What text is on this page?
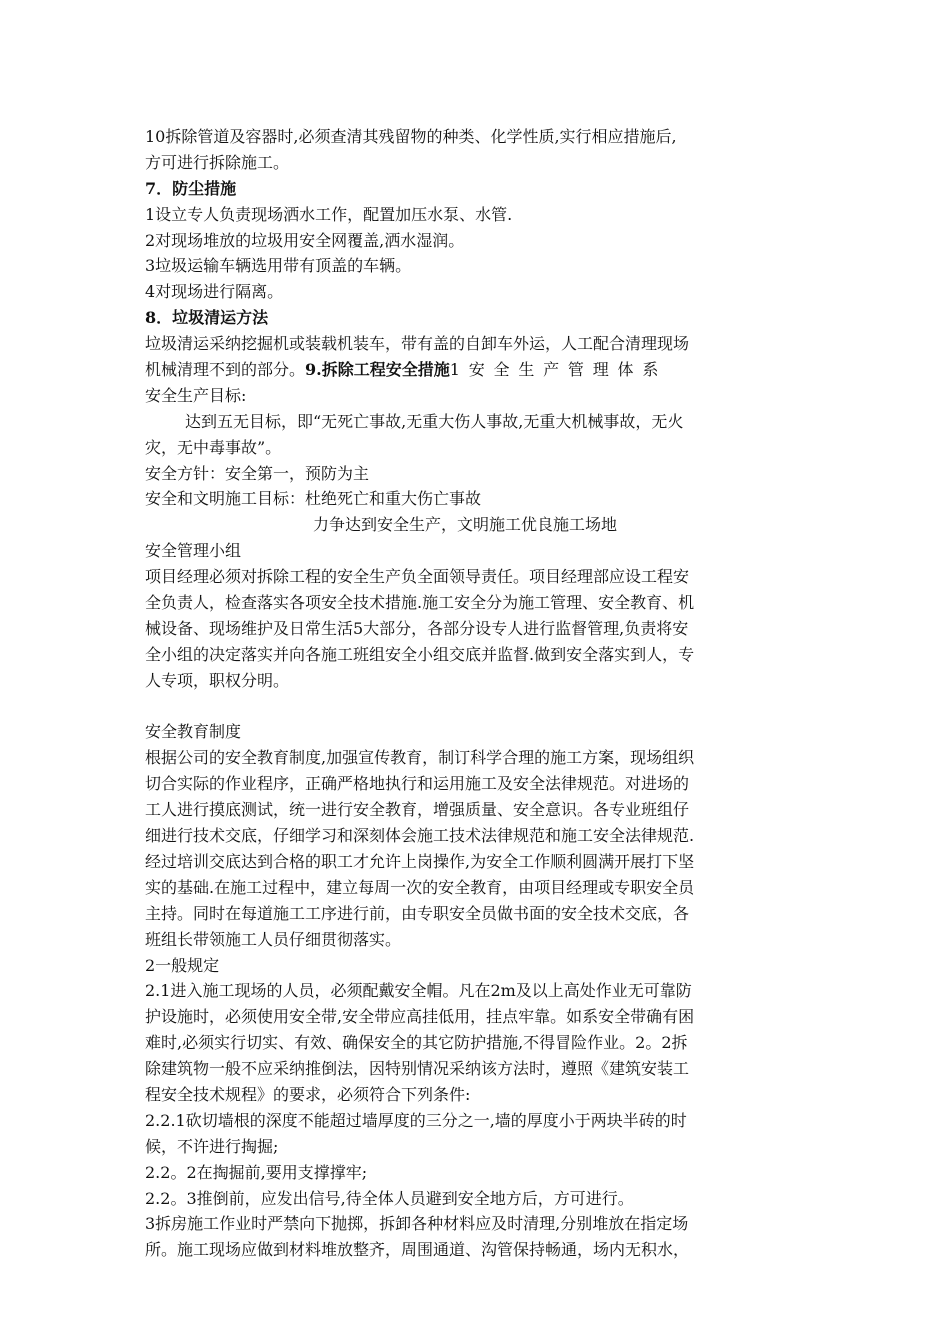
10拆除管道及容器时,必须查清其残留物的种类、化学性质,实行相应措施后,
方可进行拆除施工。
7．防尘措施
1设立专人负责现场洒水工作，配置加压水泵、水管.
2对现场堆放的垃圾用安全网覆盖,洒水湿润。
3垃圾运输车辆选用带有顶盖的车辆。
4对现场进行隔离。
8．垃圾清运方法
垃圾清运采纳挖掘机或装载机装车，带有盖的自卸车外运，人工配合清理现场
机械清理不到的部分。9.拆除工程安全措施1安全生产管理体系
安全生产目标:
达到五无目标，即“无死亡事故,无重大伤人事故,无重大机械事故，无火
灾，无中毒事故”。
安全方针：安全第一，预防为主
安全和文明施工目标：杜绝死亡和重大伤亡事故
力争达到安全生产，文明施工优良施工场地
安全管理小组
项目经理必须对拆除工程的安全生产负全面领导责任。项目经理部应设工程安
全负责人，检查落实各项安全技术措施.施工安全分为施工管理、安全教育、机
械设备、现场维护及日常生活5大部分，各部分设专人进行监督管理,负责将安
全小组的决定落实并向各施工班组安全小组交底并监督.做到安全落实到人，专
人专项，职权分明。
安全教育制度
根据公司的安全教育制度,加强宣传教育，制订科学合理的施工方案，现场组织
切合实际的作业程序，正确严格地执行和运用施工及安全法律规范。对进场的
工人进行摸底测试，统一进行安全教育，增强质量、安全意识。各专业班组仔
细进行技术交底，仔细学习和深刻体会施工技术法律规范和施工安全法律规范.
经过培训交底达到合格的职工才允许上岗操作,为安全工作顺利圆满开展打下坚
实的基础.在施工过程中，建立每周一次的安全教育，由项目经理或专职安全员
主持。同时在每道施工工序进行前，由专职安全员做书面的安全技术交底，各
班组长带领施工人员仔细贯彻落实。
2一般规定
2.1进入施工现场的人员，必须配戴安全帽。凡在2m及以上高处作业无可靠防
护设施时，必须使用安全带,安全带应高挂低用，挂点牢靠。如系安全带确有困
难时,必须实行切实、有效、确保安全的其它防护措施,不得冒险作业。2。2拆
除建筑物一般不应采纳推倒法，因特别情况采纳该方法时，遵照《建筑安装工
程安全技术规程》的要求，必须符合下列条件:
2.2.1砍切墙根的深度不能超过墙厚度的三分之一,墙的厚度小于两块半砖的时
候，不许进行掏掘;
2.2。2在掏掘前,要用支撑撑牢;
2.2。3推倒前，应发出信号,待全体人员避到安全地方后，方可进行。
3拆房施工作业时严禁向下抛掷，拆卸各种材料应及时清理,分别堆放在指定场
所。施工现场应做到材料堆放整齐，周围通道、沟管保持畅通，场内无积水，
